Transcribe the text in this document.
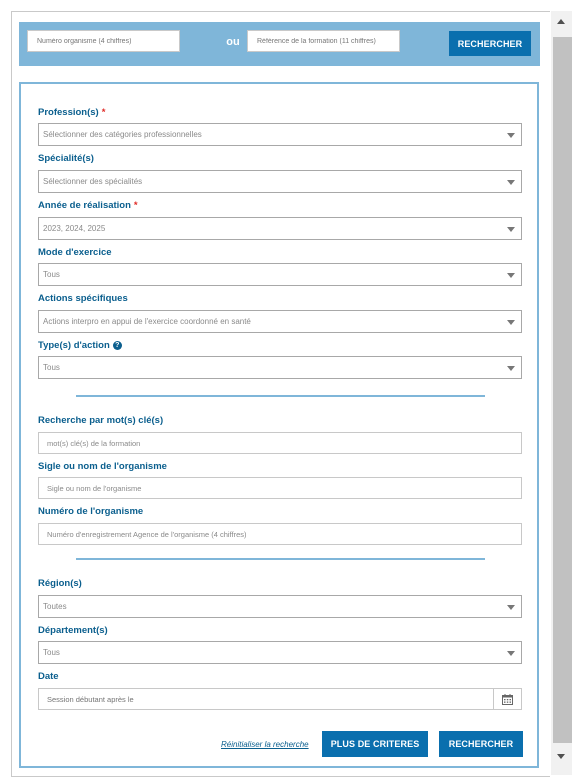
Numéro organisme (4 chiffres)
ou
Référence de la formation (11 chiffres)	RECHERCHER
Profession(s) *
Sélectionner des catégories professionnelles
Spécialité(s)
Sélectionner des spécialités
Année de réalisation *
2023, 2024, 2025
Mode d'exercice
Tous
Actions spécifiques
Actions interpro en appui de l'exercice coordonné en santé
Type(s) d'action ?
Tous
Recherche par mot(s) clé(s)
mot(s) clé(s) de la formation
Sigle ou nom de l'organisme
Sigle ou nom de l'organisme
Numéro de l'organisme
Numéro d'enregistrement Agence de l'organisme (4 chiffres)
Région(s)
Toutes
Département(s)
Tous
Date
Session débutant après le
Réinitialiser la recherche	PLUS DE CRITERES	RECHERCHER
